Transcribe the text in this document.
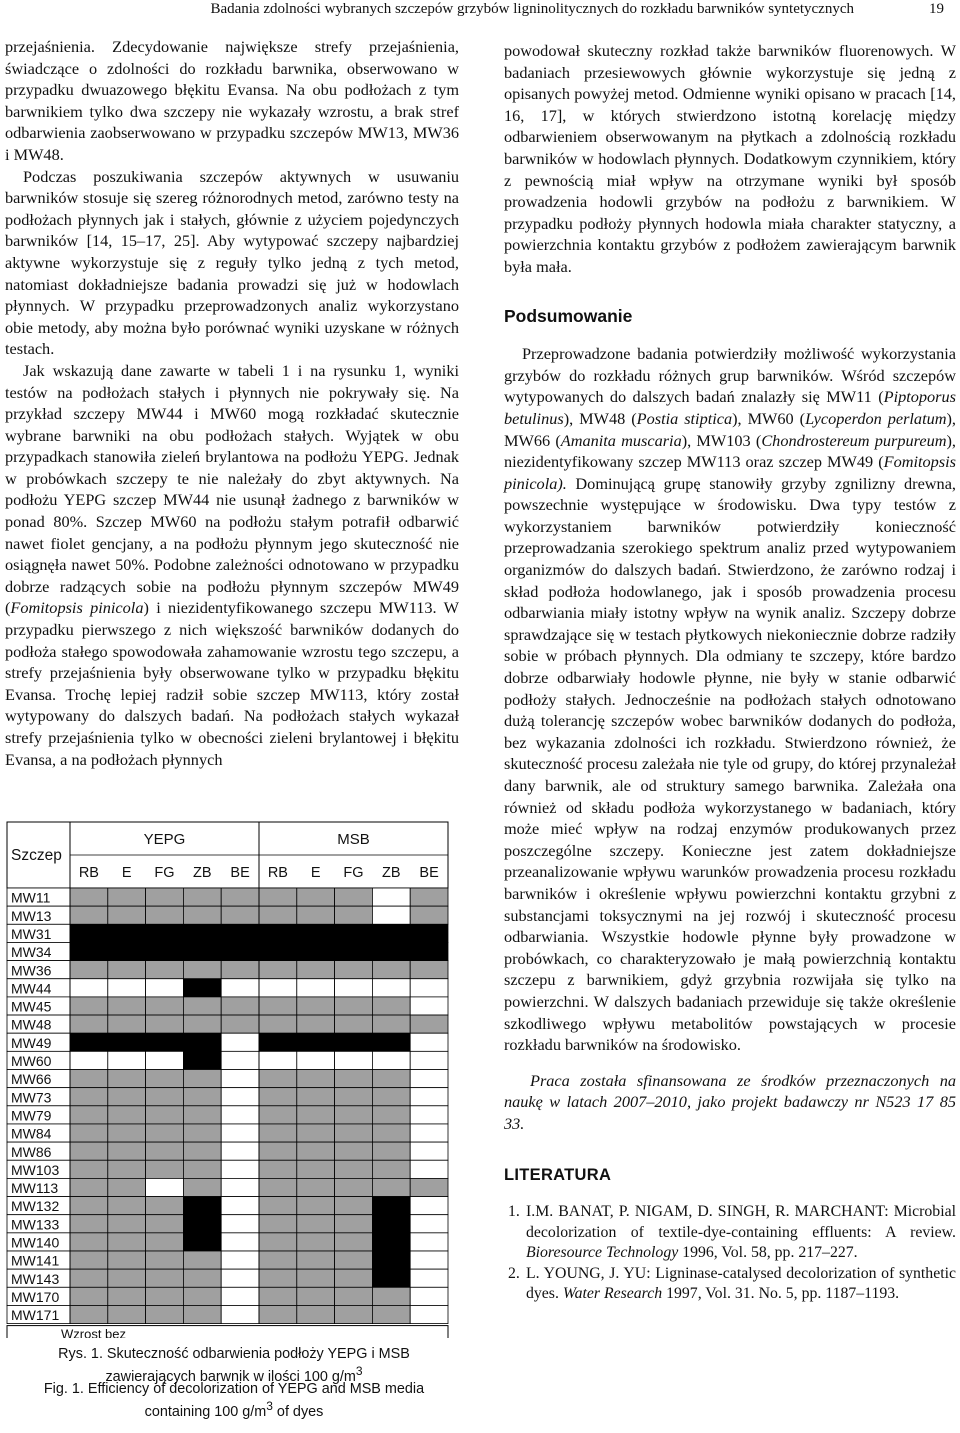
Badania zdolności wybranych szczepów grzybów ligninolitycznych do rozkładu barwników syntetycznych	19

przejaśnienia. Zdecydowanie największe strefy przejaśnienia, świadczące o zdolności do rozkładu barwnika, obserwowano w przypadku dwuazowego błękitu Evansa. Na obu podłożach z tym barwnikiem tylko dwa szczepy nie wykazały wzrostu, a brak stref odbarwienia zaobserwowano w przypadku szczepów MW13, MW36 i MW48.

Podczas poszukiwania szczepów aktywnych w usuwaniu barwników stosuje się szereg różnorodnych metod, zarówno testy na podłożach płynnych jak i stałych, głównie z użyciem pojedynczych barwników [14, 15–17, 25]. Aby wytypować szczepy najbardziej aktywne wykorzystuje się z reguły tylko jedną z tych metod, natomiast dokładniejsze badania prowadzi się już w hodowlach płynnych. W przypadku przeprowadzonych analiz wykorzystano obie metody, aby można było porównać wyniki uzyskane w różnych testach.

Jak wskazują dane zawarte w tabeli 1 i na rysunku 1, wyniki testów na podłożach stałych i płynnych nie pokrywały się. Na przykład szczepy MW44 i MW60 mogą rozkładać skutecznie wybrane barwniki na obu podłożach stałych. Wyjątek w obu przypadkach stanowiła zieleń brylantowa na podłożu YEPG. Jednak w probówkach szczepy te nie należały do zbyt aktywnych. Na podłożu YEPG szczep MW44 nie usunął żadnego z barwników w ponad 80%. Szczep MW60 na podłożu stałym potrafił odbarwić nawet fiolet gencjany, a na podłożu płynnym jego skuteczność nie osiągnęła nawet 50%. Podobne zależności odnotowano w przypadku dobrze radzących sobie na podłożu płynnym szczepów MW49 (Fomitopsis pinicola) i niezidentyfikowanego szczepu MW113. W przypadku pierwszego z nich większość barwników dodanych do podłoża stałego spowodowała zahamowanie wzrostu tego szczepu, a strefy przejaśnienia były obserwowane tylko w przypadku błękitu Evansa. Trochę lepiej radził sobie szczep MW113, który został wytypowany do dalszych badań. Na podłożach stałych wykazał strefy przejaśnienia tylko w obecności zieleni brylantowej i błękitu Evansa, a na podłożach płynnych

YEPG
RB E FG ZB BE
MSB
RB E FG ZB BE
Szczep
MW11
MW13
MW31
MW34
MW36
MW44
MW45
MW48
MW49
MW60
MW66
MW73
MW79
MW84
MW86
MW103
MW113
MW132
MW133
MW140
MW141
MW143
MW170
MW171
Wzrost bez
Rys. 1. Skuteczność odbarwienia podłoży YEPG i MSB
zawierających barwnik w ilości 100 $g/m^3$
Fig. 1. Efficiency of decolorization of YEPG and MSB media
containing 100 $g/m^3$ of dyes

powodował skuteczny rozkład także barwników fluorenowych. W badaniach przesiewowych głównie wykorzystuje się jedną z opisanych powyżej metod. Odmienne wyniki opisano w pracach [14, 16, 17], w których stwierdzono istotną korelację między odbarwieniem obserwowanym na płytkach a zdolnością rozkładu barwników w hodowlach płynnych. Dodatkowym czynnikiem, który z pewnością miał wpływ na otrzymane wyniki był sposób prowadzenia hodowli grzybów na podłożu z barwnikiem. W przypadku podłoży płynnych hodowla miała charakter statyczny, a powierzchnia kontaktu grzybów z podłożem zawierającym barwnik była mała.

Podsumowanie

Przeprowadzone badania potwierdziły możliwość wykorzystania grzybów do rozkładu różnych grup barwników. Wśród szczepów wytypowanych do dalszych badań znalazły się MW11 (Piptoporus betulinus), MW48 (Postia stiptica), MW60 (Lycoperdon perlatum), MW66 (Amanita muscaria), MW103 (Chondrostereum purpureum), niezidentyfikowany szczep MW113 oraz szczep MW49 (Fomitopsis pinicola). Dominującą grupę stanowiły grzyby zgnilizny drewna, powszechnie występujące w środowisku. Dwa typy testów z wykorzystaniem barwników potwierdziły konieczność przeprowadzania szerokiego spektrum analiz przed wytypowaniem organizmów do dalszych badań. Stwierdzono, że zarówno rodzaj i skład podłoża hodowlanego, jak i sposób prowadzenia procesu odbarwiania miały istotny wpływ na wynik analiz. Szczepy dobrze sprawdzające się w testach płytkowych niekoniecznie dobrze radziły sobie w próbach płynnych. Dla odmiany te szczepy, które bardzo dobrze odbarwiały hodowle płynne, nie były w stanie odbarwić podłoży stałych. Jednocześnie na podłożach stałych odnotowano dużą tolerancję szczepów wobec barwników dodanych do podłoża, bez wykazania zdolności ich rozkładu. Stwierdzono również, że skuteczność procesu zależała nie tyle od grupy, do której przynależał dany barwnik, ale od struktury samego barwnika. Zależała ona również od składu podłoża wykorzystanego w badaniach, który może mieć wpływ na rodzaj enzymów produkowanych przez poszczególne szczepy. Konieczne jest zatem dokładniejsze przeanalizowanie wpływu warunków prowadzenia procesu rozkładu barwników i określenie wpływu powierzchni kontaktu grzybni z substancjami toksycznymi na jej rozwój i skuteczność procesu odbarwiania. Wszystkie hodowle płynne były prowadzone w probówkach, co charakteryzowało je małą powierzchnią kontaktu szczepu z barwnikiem, gdyż grzybnia rozwijała się tylko na powierzchni. W dalszych badaniach przewiduje się także określenie szkodliwego wpływu metabolitów powstających w procesie rozkładu barwników na środowisko.

Praca została sfinansowana ze środków przeznaczonych na naukę w latach 2007–2010, jako projekt badawczy nr N523 17 85 33.

LITERATURA
1. I.M. BANAT, P. NIGAM, D. SINGH, R. MARCHANT: Microbial decolorization of textile-dye-containing effluents: A review. Bioresource Technology 1996, Vol. 58, pp. 217–227.
2. L. YOUNG, J. YU: Ligninase-catalysed decolorization of synthetic dyes. Water Research 1997, Vol. 31. No. 5, pp. 1187–1193.
